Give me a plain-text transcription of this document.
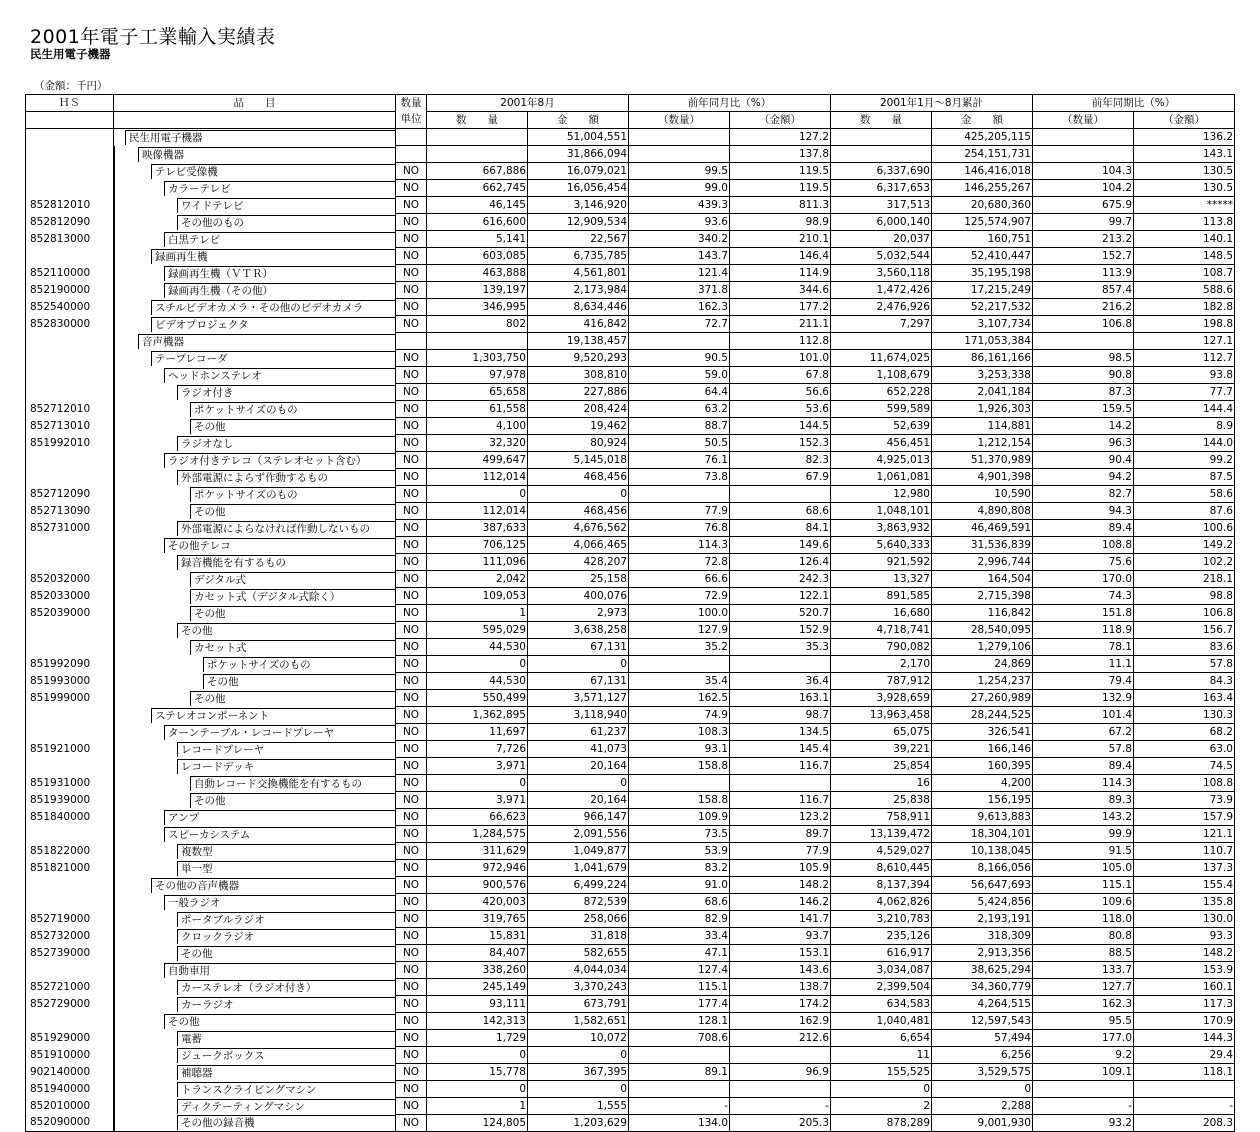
2001年電子工業輸入実績表
民生用電子機器
（金額：千円）
ＨＳ	品　　目	数量	2001年8月		前年同月比（%）		2001年1月～8月累計		前年同期比（%）	
		単位	数　　量	金　　額	（数量）	（金額）	数　　量	金　　額	（数量）	（金額）

	民生用電子機器			51,004,551		127.2		425,205,115		136.2

	映像機器			31,866,094		137.8		254,151,731		143.1

	テレビ受像機	NO	667,886	16,079,021	99.5	119.5	6,337,690	146,416,018	104.3	130.5

	カラーテレビ	NO	662,745	16,056,454	99.0	119.5	6,317,653	146,255,267	104.2	130.5
852812010	ワイドテレビ	NO	46,145	3,146,920	439.3	811.3	317,513	20,680,360	675.9	*****
852812090	その他のもの	NO	616,600	12,909,534	93.6	98.9	6,000,140	125,574,907	99.7	113.8
852813000	白黒テレビ	NO	5,141	22,567	340.2	210.1	20,037	160,751	213.2	140.1

	録画再生機	NO	603,085	6,735,785	143.7	146.4	5,032,544	52,410,447	152.7	148.5
852110000	録画再生機（ＶＴＲ）	NO	463,888	4,561,801	121.4	114.9	3,560,118	35,195,198	113.9	108.7
852190000	録画再生機（その他）	NO	139,197	2,173,984	371.8	344.6	1,472,426	17,215,249	857.4	588.6
852540000	スチルビデオカメラ・その他のビデオカメラ	NO	346,995	8,634,446	162.3	177.2	2,476,926	52,217,532	216.2	182.8
852830000	ビデオプロジェクタ	NO	802	416,842	72.7	211.1	7,297	3,107,734	106.8	198.8

	音声機器			19,138,457		112.8		171,053,384		127.1

	テープレコーダ	NO	1,303,750	9,520,293	90.5	101.0	11,674,025	86,161,166	98.5	112.7

	ヘッドホンステレオ	NO	97,978	308,810	59.0	67.8	1,108,679	3,253,338	90.8	93.8

	ラジオ付き	NO	65,658	227,886	64.4	56.6	652,228	2,041,184	87.3	77.7
852712010	ポケットサイズのもの	NO	61,558	208,424	63.2	53.6	599,589	1,926,303	159.5	144.4
852713010	その他	NO	4,100	19,462	88.7	144.5	52,639	114,881	14.2	8.9
851992010	ラジオなし	NO	32,320	80,924	50.5	152.3	456,451	1,212,154	96.3	144.0

	ラジオ付きテレコ（ステレオセット含む）	NO	499,647	5,145,018	76.1	82.3	4,925,013	51,370,989	90.4	99.2

	外部電源によらず作動するもの	NO	112,014	468,456	73.8	67.9	1,061,081	4,901,398	94.2	87.5
852712090	ポケットサイズのもの	NO	0	0			12,980	10,590	82.7	58.6
852713090	その他	NO	112,014	468,456	77.9	68.6	1,048,101	4,890,808	94.3	87.6
852731000	外部電源によらなければ作動しないもの	NO	387,633	4,676,562	76.8	84.1	3,863,932	46,469,591	89.4	100.6

	その他テレコ	NO	706,125	4,066,465	114.3	149.6	5,640,333	31,536,839	108.8	149.2

	録音機能を有するもの	NO	111,096	428,207	72.8	126.4	921,592	2,996,744	75.6	102.2
852032000	デジタル式	NO	2,042	25,158	66.6	242.3	13,327	164,504	170.0	218.1
852033000	カセット式（デジタル式除く）	NO	109,053	400,076	72.9	122.1	891,585	2,715,398	74.3	98.8
852039000	その他	NO	1	2,973	100.0	520.7	16,680	116,842	151.8	106.8

	その他	NO	595,029	3,638,258	127.9	152.9	4,718,741	28,540,095	118.9	156.7

	カセット式	NO	44,530	67,131	35.2	35.3	790,082	1,279,106	78.1	83.6
851992090	ポケットサイズのもの	NO	0	0			2,170	24,869	11.1	57.8
851993000	その他	NO	44,530	67,131	35.4	36.4	787,912	1,254,237	79.4	84.3
851999000	その他	NO	550,499	3,571,127	162.5	163.1	3,928,659	27,260,989	132.9	163.4

	ステレオコンポーネント	NO	1,362,895	3,118,940	74.9	98.7	13,963,458	28,244,525	101.4	130.3

	ターンテーブル・レコードプレーヤ	NO	11,697	61,237	108.3	134.5	65,075	326,541	67.2	68.2
851921000	レコードプレーヤ	NO	7,726	41,073	93.1	145.4	39,221	166,146	57.8	63.0

	レコードデッキ	NO	3,971	20,164	158.8	116.7	25,854	160,395	89.4	74.5
851931000	自動レコード交換機能を有するもの	NO	0	0			16	4,200	114.3	108.8
851939000	その他	NO	3,971	20,164	158.8	116.7	25,838	156,195	89.3	73.9
851840000	アンプ	NO	66,623	966,147	109.9	123.2	758,911	9,613,883	143.2	157.9

	スピーカシステム	NO	1,284,575	2,091,556	73.5	89.7	13,139,472	18,304,101	99.9	121.1
851822000	複数型	NO	311,629	1,049,877	53.9	77.9	4,529,027	10,138,045	91.5	110.7
851821000	単一型	NO	972,946	1,041,679	83.2	105.9	8,610,445	8,166,056	105.0	137.3

	その他の音声機器	NO	900,576	6,499,224	91.0	148.2	8,137,394	56,647,693	115.1	155.4

	一般ラジオ	NO	420,003	872,539	68.6	146.2	4,062,826	5,424,856	109.6	135.8
852719000	ポータブルラジオ	NO	319,765	258,066	82.9	141.7	3,210,783	2,193,191	118.0	130.0
852732000	クロックラジオ	NO	15,831	31,818	33.4	93.7	235,126	318,309	80.8	93.3
852739000	その他	NO	84,407	582,655	47.1	153.1	616,917	2,913,356	88.5	148.2

	自動車用	NO	338,260	4,044,034	127.4	143.6	3,034,087	38,625,294	133.7	153.9
852721000	カーステレオ（ラジオ付き）	NO	245,149	3,370,243	115.1	138.7	2,399,504	34,360,779	127.7	160.1
852729000	カーラジオ	NO	93,111	673,791	177.4	174.2	634,583	4,264,515	162.3	117.3

	その他	NO	142,313	1,582,651	128.1	162.9	1,040,481	12,597,543	95.5	170.9
851929000	電蓄	NO	1,729	10,072	708.6	212.6	6,654	57,494	177.0	144.3
851910000	ジュークボックス	NO	0	0			11	6,256	9.2	29.4
902140000	補聴器	NO	15,778	367,395	89.1	96.9	155,525	3,529,575	109.1	118.1
851940000	トランスクライビングマシン	NO	0	0			0	0		
852010000	ディクテーティングマシン	NO	1	1,555	-	-	2	2,288	-	-
852090000	その他の録音機	NO	124,805	1,203,629	134.0	205.3	878,289	9,001,930	93.2	208.3
